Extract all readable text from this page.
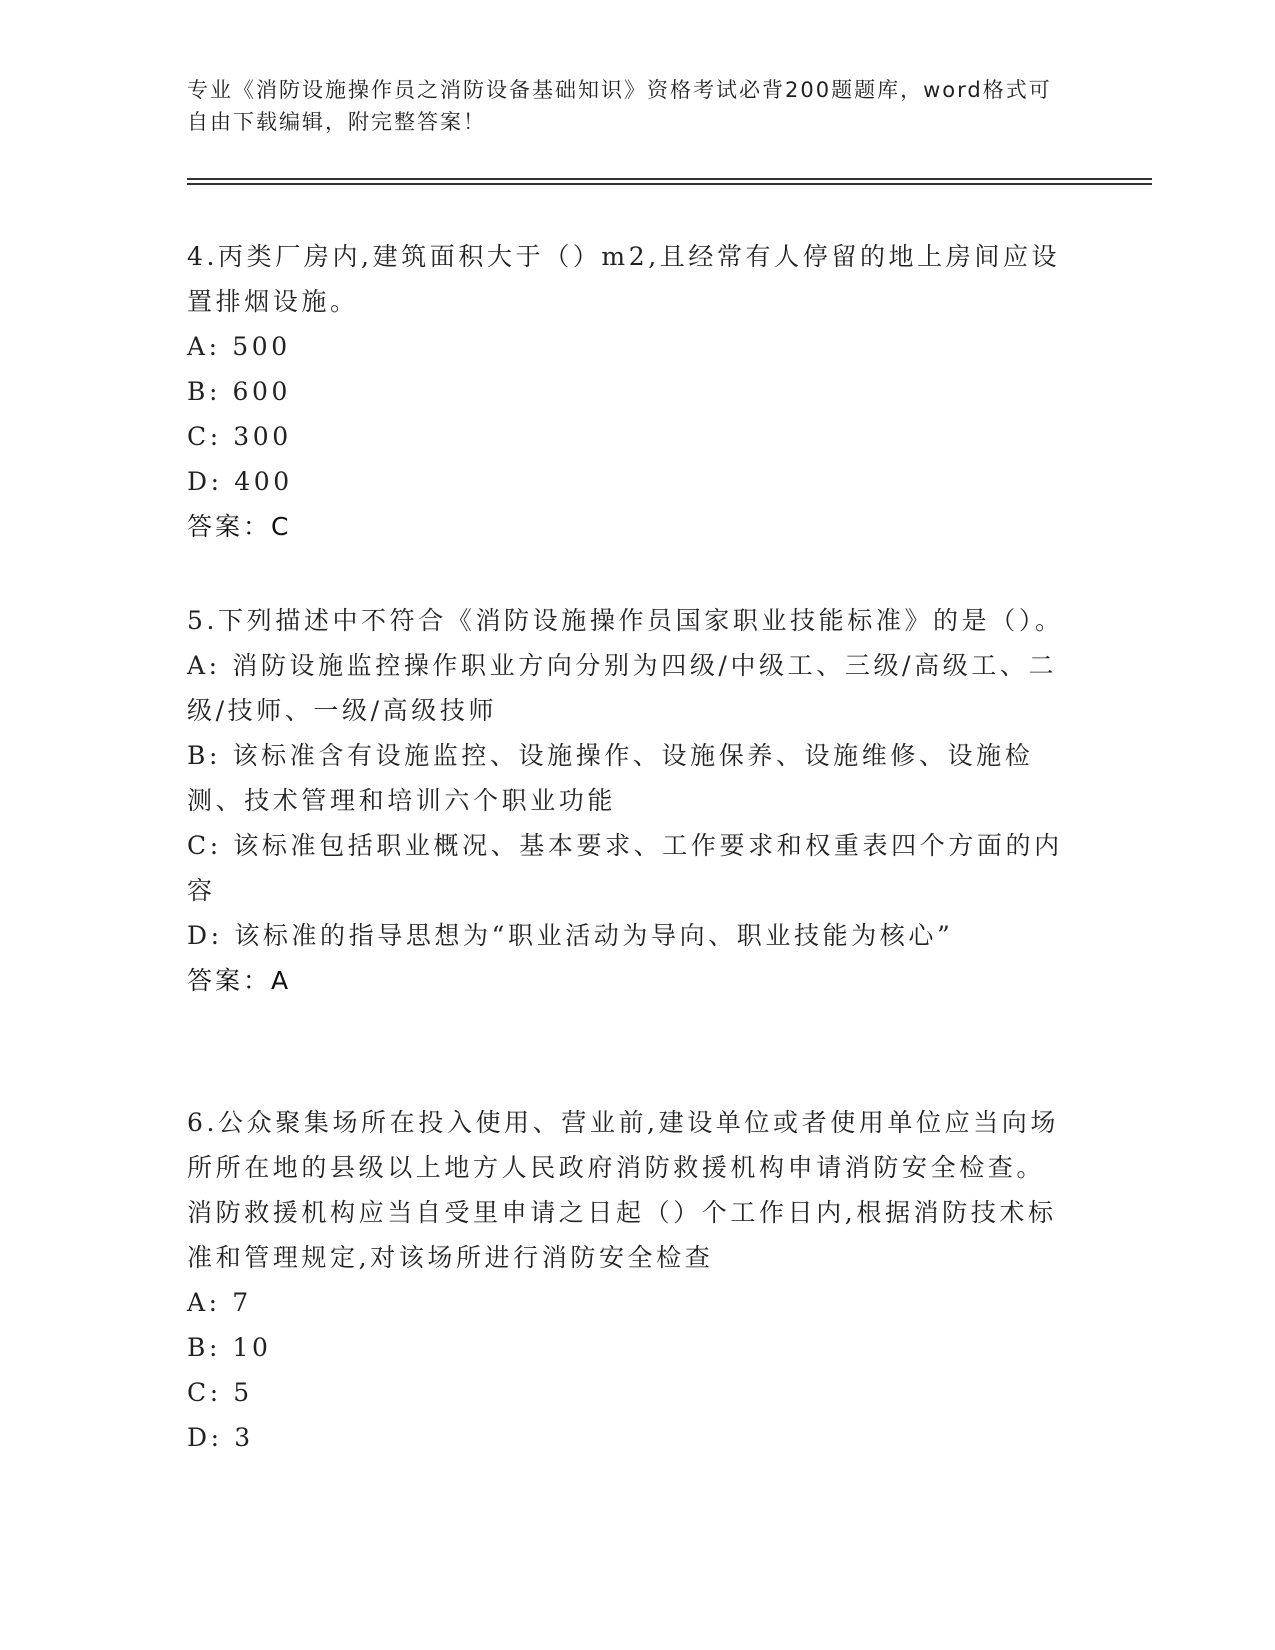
专业《消防设施操作员之消防设备基础知识》资格考试必背200题题库，word格式可自由下载编辑，附完整答案！

4.丙类厂房内,建筑面积大于（）m2,且经常有人停留的地上房间应设置排烟设施。

A: 500

B: 600

C: 300

D: 400

答案：C

5.下列描述中不符合《消防设施操作员国家职业技能标准》的是（）。

A: 消防设施监控操作职业方向分别为四级/中级工、三级/高级工、二级/技师、一级/高级技师

B: 该标准含有设施监控、设施操作、设施保养、设施维修、设施检测、技术管理和培训六个职业功能

C: 该标准包括职业概况、基本要求、工作要求和权重表四个方面的内容

D: 该标准的指导思想为“职业活动为导向、职业技能为核心”

答案：A

6.公众聚集场所在投入使用、营业前,建设单位或者使用单位应当向场所所在地的县级以上地方人民政府消防救援机构申请消防安全检查。消防救援机构应当自受里申请之日起（）个工作日内,根据消防技术标准和管理规定,对该场所进行消防安全检查

A: 7

B: 10

C: 5

D: 3
